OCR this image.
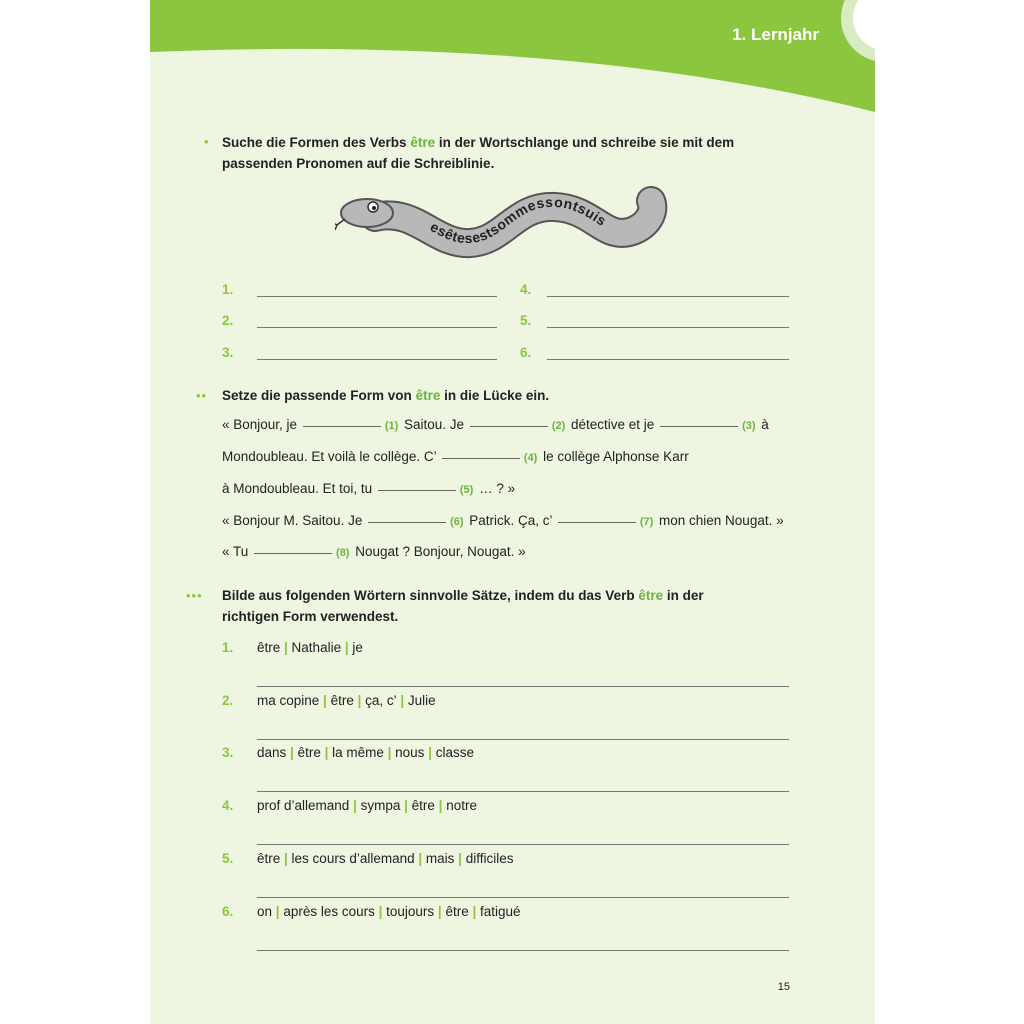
1. Lernjahr
• Suche die Formen des Verbs être in der Wortschlange und schreibe sie mit dem passenden Pronomen auf die Schreiblinie.
esêtesestsommessontsuis
1.
2.
3.
4.
5.
6.
•• Setze die passende Form von être in die Lücke ein.
« Bonjour, je	(1) Saitou. Je	(2) détective et je	(3) à
Mondoubleau. Et voilà le collège. C’	(4) le collège Alphonse Karr
à Mondoubleau. Et toi, tu	(5) … ? »
« Bonjour M. Saitou. Je	(6) Patrick. Ça, c’	(7) mon chien Nougat. »
« Tu	(8) Nougat ? Bonjour, Nougat. »
••• Bilde aus folgenden Wörtern sinnvolle Sätze, indem du das Verb être in der richtigen Form verwendest.
1. être | Nathalie | je
2. ma copine | être | ça, c’ | Julie
3. dans | être | la même | nous | classe
4. prof d’allemand | sympa | être | notre
5. être | les cours d’allemand | mais | difficiles
6. on | après les cours | toujours | être | fatigué
15
